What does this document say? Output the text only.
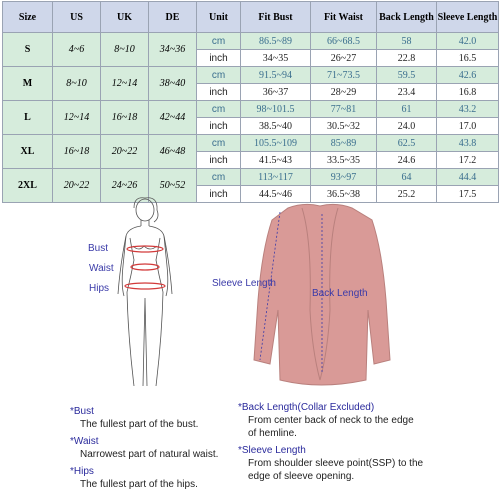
Size	US	UK	DE	Unit	Fit Bust	Fit Waist	Back Length	Sleeve Length
S	4~6	8~10	34~36	cm	86.5~89	66~68.5	58	42.0
				inch	34~35	26~27	22.8	16.5
M	8~10	12~14	38~40	cm	91.5~94	71~73.5	59.5	42.6
				inch	36~37	28~29	23.4	16.8
L	12~14	16~18	42~44	cm	98~101.5	77~81	61	43.2
				inch	38.5~40	30.5~32	24.0	17.0
XL	16~18	20~22	46~48	cm	105.5~109	85~89	62.5	43.8
				inch	41.5~43	33.5~35	24.6	17.2
2XL	20~22	24~26	50~52	cm	113~117	93~97	64	44.4
				inch	44.5~46	36.5~38	25.2	17.5
Bust
Waist
Hips	Sleeve Length
Back Length
*Bust
The fullest part of the bust.
*Waist
Narrowest part of natural waist.
*Hips
The fullest part of the hips.
*Back Length(Collar Excluded)
From center back of neck to the edge
of hemline.
*Sleeve Length
From shoulder sleeve point(SSP) to the
edge of sleeve opening.
